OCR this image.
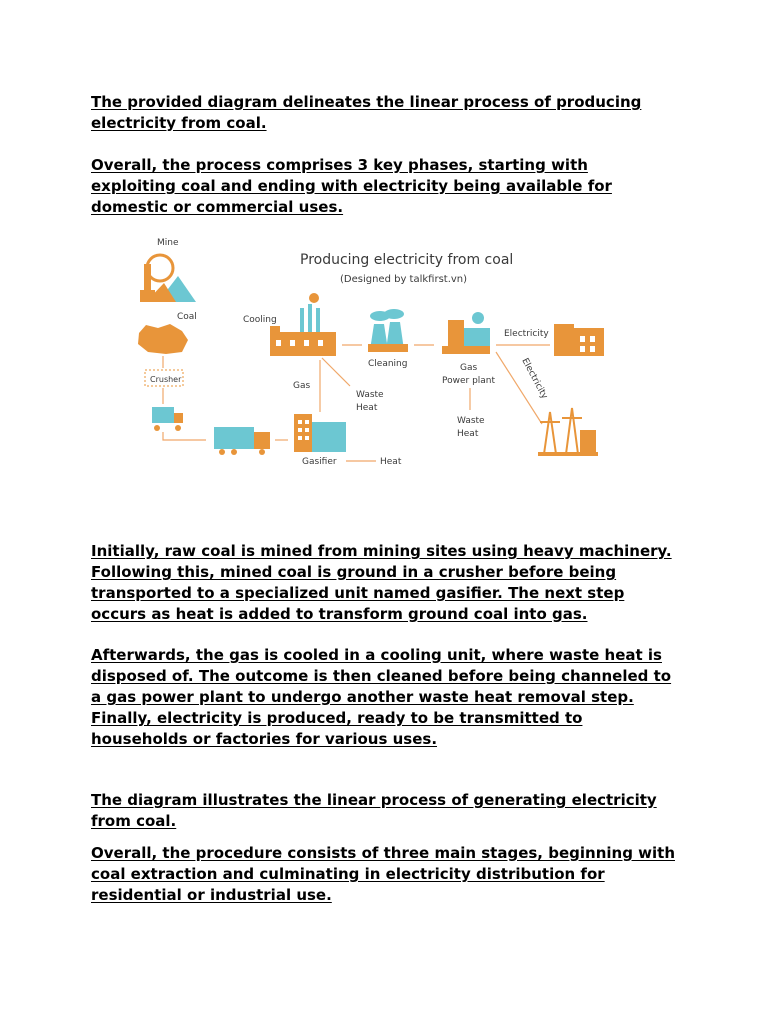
The provided diagram delineates the linear process of producing
electricity from coal.
Overall, the process comprises 3 key phases, starting with
exploiting coal and ending with electricity being available for
domestic or commercial uses.
Producing electricity from coal
(Designed by talkfirst.vn)
Mine
Coal
Crusher
Gasifier	Heat
Gas
Cooling
Waste
Heat
Cleaning	Gas
Power plant
Waste
Heat
Electricity
Electricity
Initially, raw coal is mined from mining sites using heavy machinery.
Following this, mined coal is ground in a crusher before being
transported to a specialized unit named gasifier. The next step
occurs as heat is added to transform ground coal into gas.
Afterwards, the gas is cooled in a cooling unit, where waste heat is
disposed of. The outcome is then cleaned before being channeled to
a gas power plant to undergo another waste heat removal step.
Finally, electricity is produced, ready to be transmitted to
households or factories for various uses.
The diagram illustrates the linear process of generating electricity
from coal.
Overall, the procedure consists of three main stages, beginning with
coal extraction and culminating in electricity distribution for
residential or industrial use.
